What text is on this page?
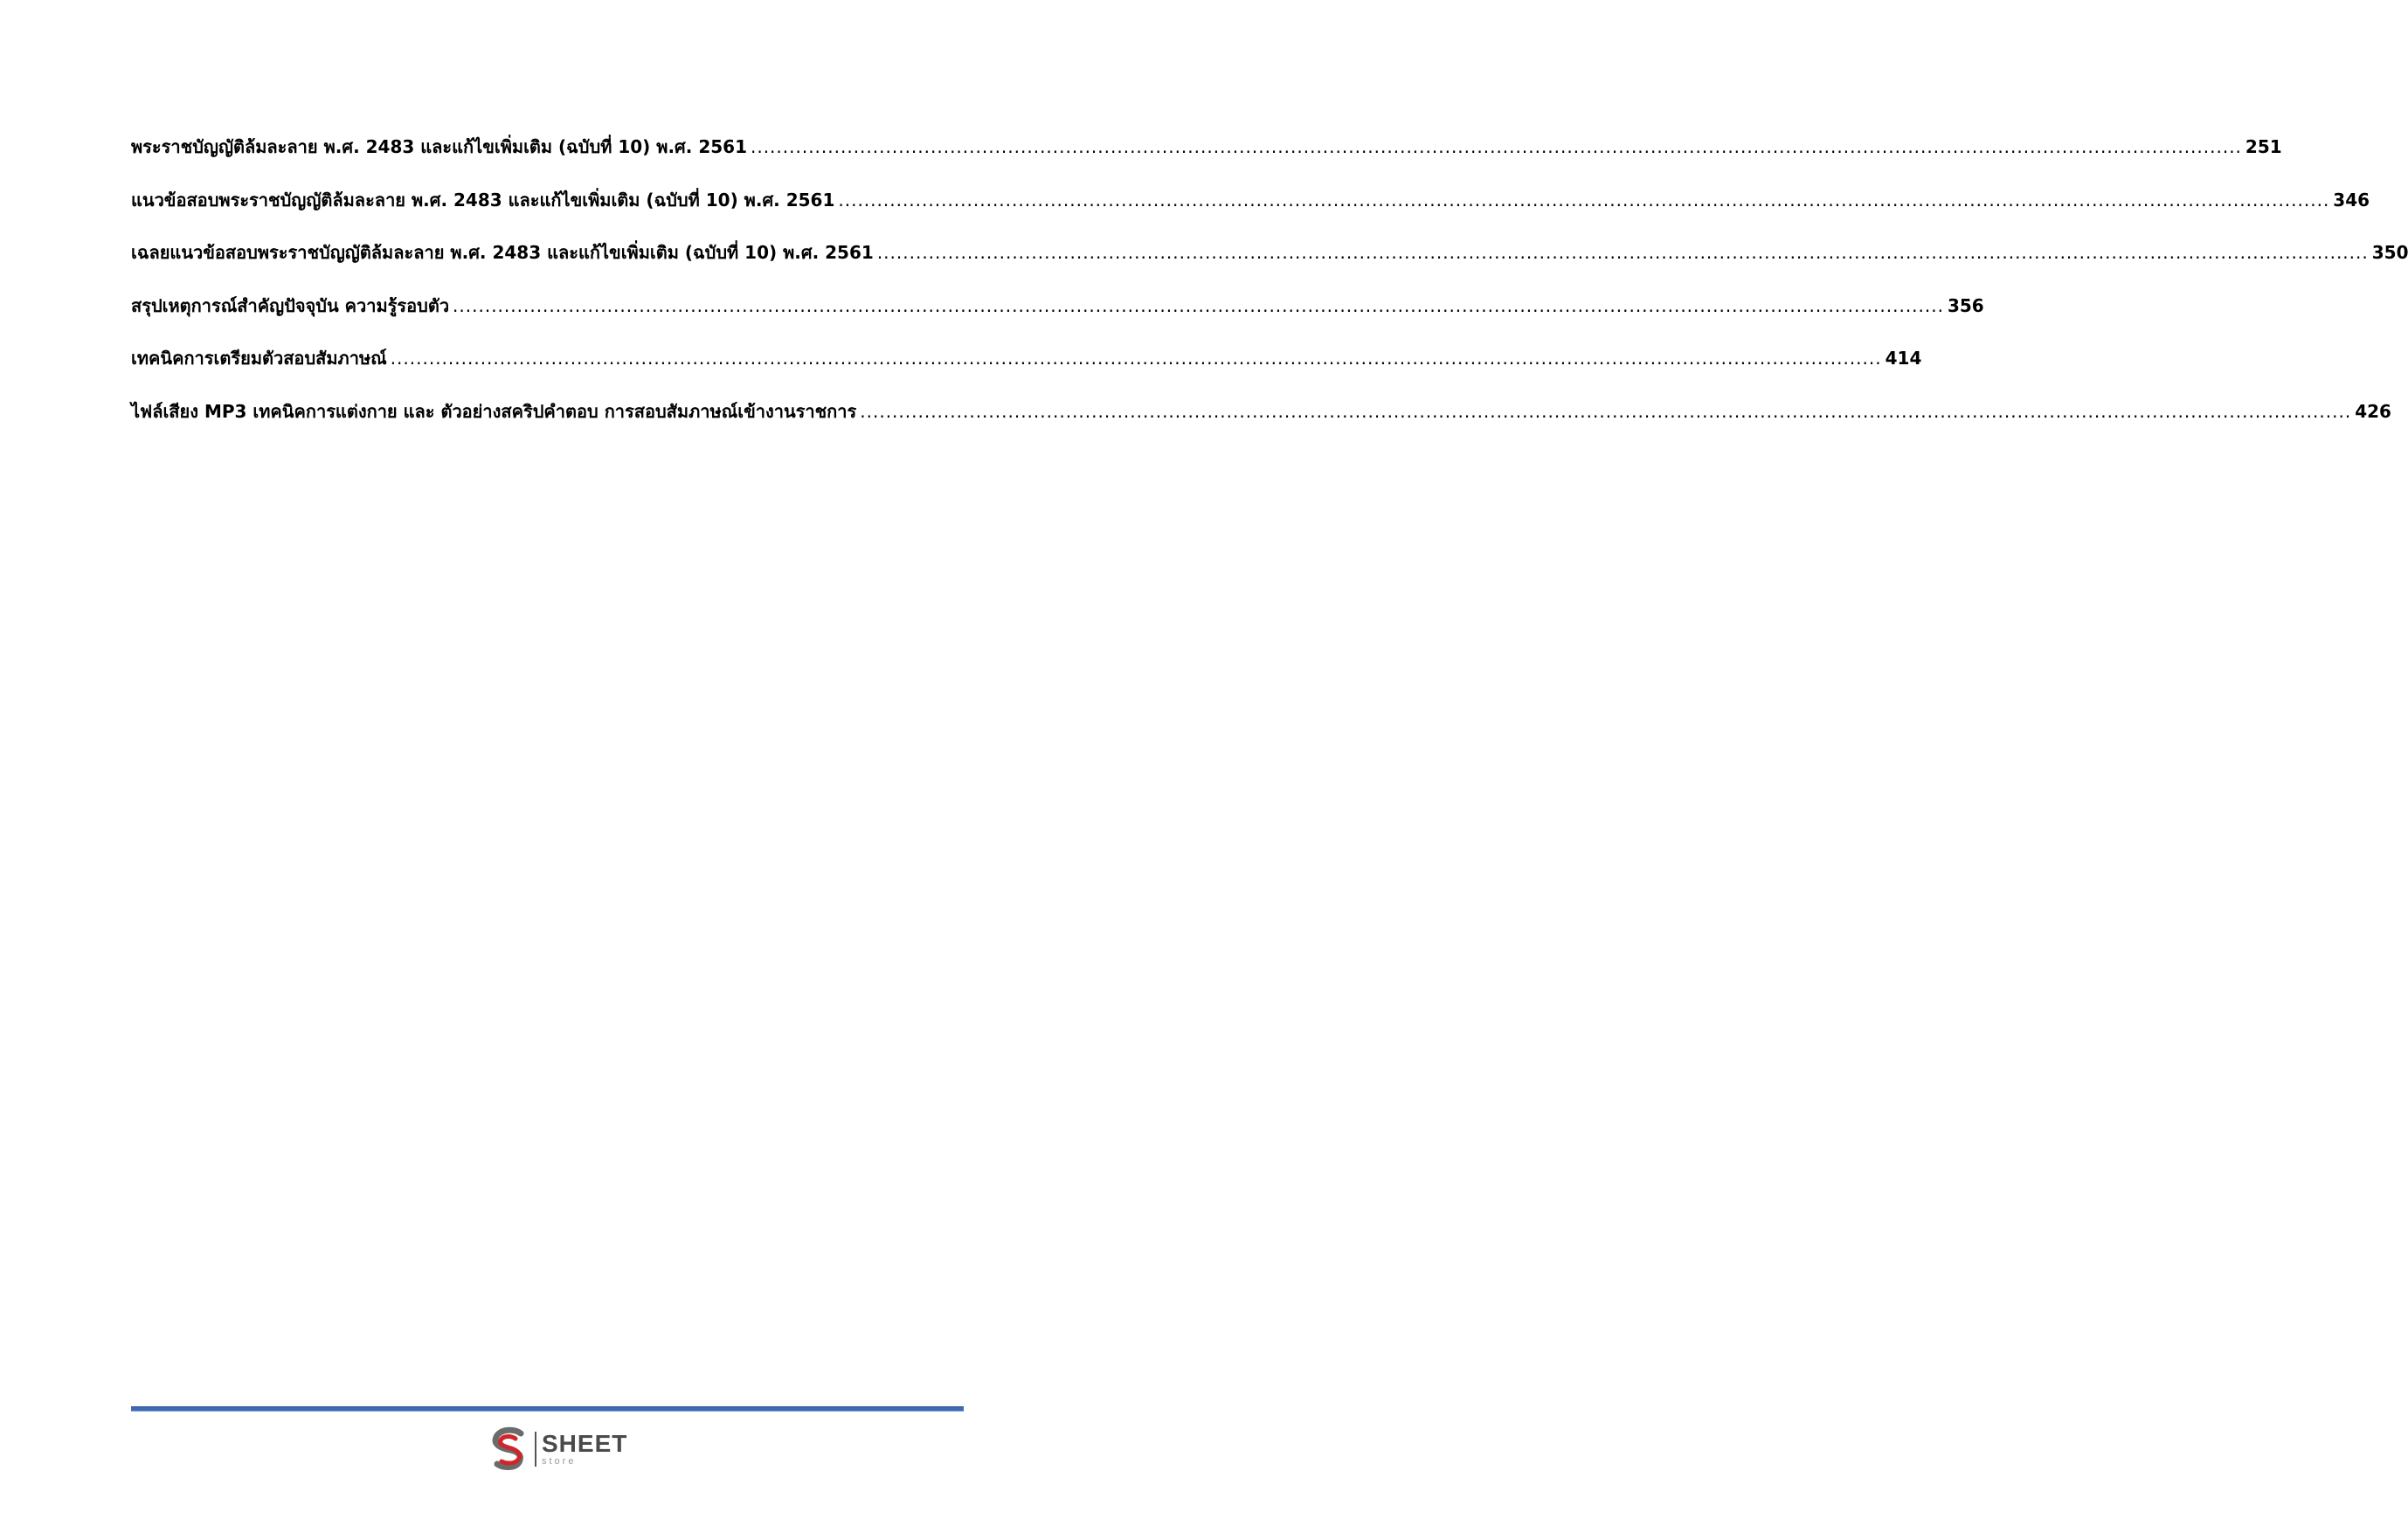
พระราชบัญญัติล้มละลาย พ.ศ. 2483 และแก้ไขเพิ่มเติม (ฉบับที่ 10) พ.ศ. 2561 .....	251
แนวข้อสอบพระราชบัญญัติล้มละลาย พ.ศ. 2483 และแก้ไขเพิ่มเติม (ฉบับที่ 10) พ.ศ. 2561 .....	346
เฉลยแนวข้อสอบพระราชบัญญัติล้มละลาย พ.ศ. 2483 และแก้ไขเพิ่มเติม (ฉบับที่ 10) พ.ศ. 2561 .....	350
สรุปเหตุการณ์สำคัญปัจจุบัน ความรู้รอบตัว .....	356
เทคนิคการเตรียมตัวสอบสัมภาษณ์ .....	414
ไฟล์เสียง MP3 เทคนิคการแต่งกาย และ ตัวอย่างสคริปคำตอบ การสอบสัมภาษณ์เข้างานราชการ .....	426
SHEET
store
